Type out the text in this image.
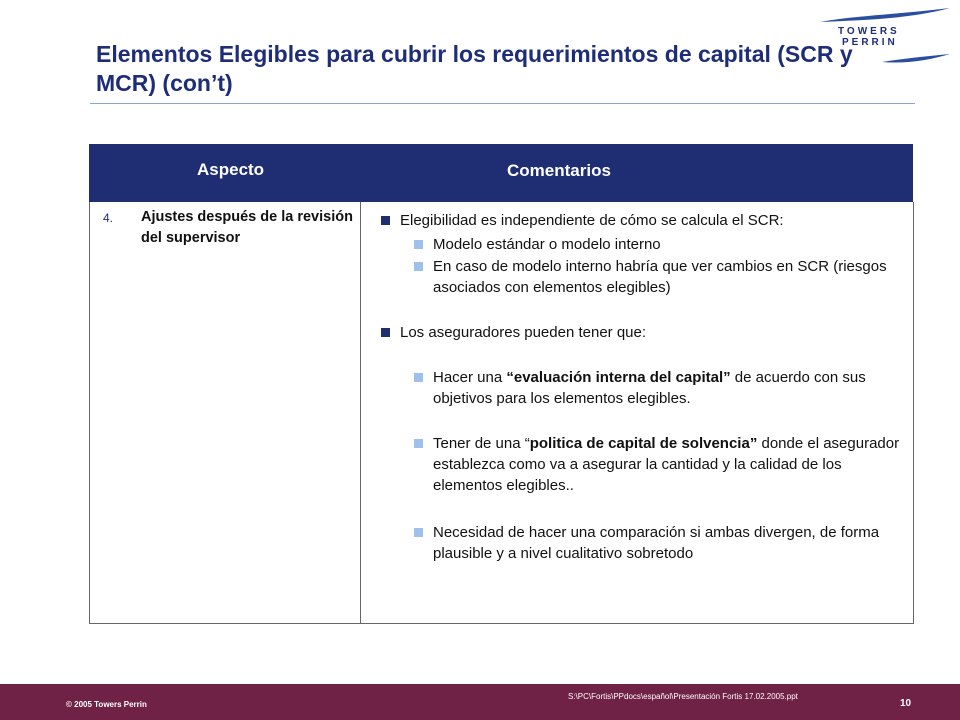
TOWERS
PERRIN
Elementos Elegibles para cubrir los requerimientos de capital (SCR y MCR) (con’t)
Aspecto	Comentarios
4. Ajustes después de la revisión del supervisor
Elegibilidad es independiente de cómo se calcula el SCR:
Modelo estándar o modelo interno
En caso de modelo interno habría que ver cambios en SCR (riesgos asociados con elementos elegibles)
Los aseguradores pueden tener que:
Hacer una “evaluación interna del capital” de acuerdo con sus objetivos para los elementos elegibles.
Tener de una “politica de capital de solvencia” donde el asegurador establezca como va a asegurar la cantidad y la calidad de los elementos elegibles..
Necesidad de hacer una comparación si ambas divergen, de forma plausible y a nivel cualitativo sobretodo
© 2005 Towers Perrin
S:\PC\Fortis\PPdocs\español\Presentación Fortis 17.02.2005.ppt
10
